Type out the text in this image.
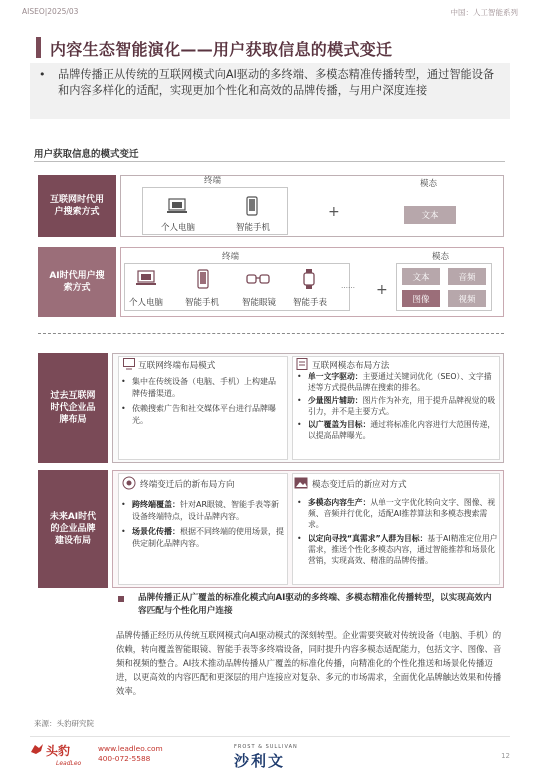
AISEO|2025/03	中国：人工智能系列
内容生态智能演化——用户获取信息的模式变迁
• 品牌传播正从传统的互联网模式向AI驱动的多终端、多模态精准传播转型，通过智能设备和内容多样化的适配，实现更加个性化和高效的品牌传播，与用户深度连接
用户获取信息的模式变迁
互联网时代用户搜索方式
终端	模态
个人电脑	智能手机
+	文本
AI时代用户搜索方式
终端	模态
个人电脑	智能手机	智能眼镜	智能手表
…… +
文本	音频
图像	视频
过去互联网时代企业品牌布局
互联网终端布局模式
• 集中在传统设备（电脑、手机）上构建品牌传播渠道。
• 依赖搜索广告和社交媒体平台进行品牌曝光。
互联网模态布局方法
• 单一文字驱动：主要通过关键词优化（SEO）、文字描述等方式提供品牌在搜索的排名。
• 少量图片辅助：图片作为补充，用于提升品牌视觉的吸引力，并不是主要方式。
• 以广覆盖为目标：通过将标准化内容进行大范围传递，以提高品牌曝光。
未来AI时代的企业品牌建设布局
终端变迁后的新布局方向
• 跨终端覆盖：针对AR眼镜、智能手表等新设备终端特点，设计品牌内容。
• 场景化传播：根据不同终端的使用场景，提供定制化品牌内容。
模态变迁后的新应对方式
• 多模态内容生产：从单一文字优化转向文字、图像、视频、音频并行优化，适配AI推荐算法和多模态搜索需求。
• 以定向寻找“真需求”人群为目标：基于AI精准定位用户需求，推送个性化多模态内容，通过智能推荐和场景化营销，实现高效、精准的品牌传播。
品牌传播正从广覆盖的标准化模式向AI驱动的多终端、多模态精准化传播转型，以实现高效内容匹配与个性化用户连接
品牌传播正经历从传统互联网模式向AI驱动模式的深刻转型。企业需要突破对传统设备（电脑、手机）的依赖，转向覆盖智能眼镜、智能手表等多终端设备，同时提升内容多模态适配能力，包括文字、图像、音频和视频的整合。AI技术推动品牌传播从广覆盖的标准化传播，向精准化的个性化推送和场景化传播迈进，以更高效的内容匹配和更深层的用户连接应对复杂、多元的市场需求，全面优化品牌触达效果和传播效率。
来源：头豹研究院
头豹
LeadLeo
www.leadleo.com
400-072-5588
FROST & SULLIVAN
沙利文	12
